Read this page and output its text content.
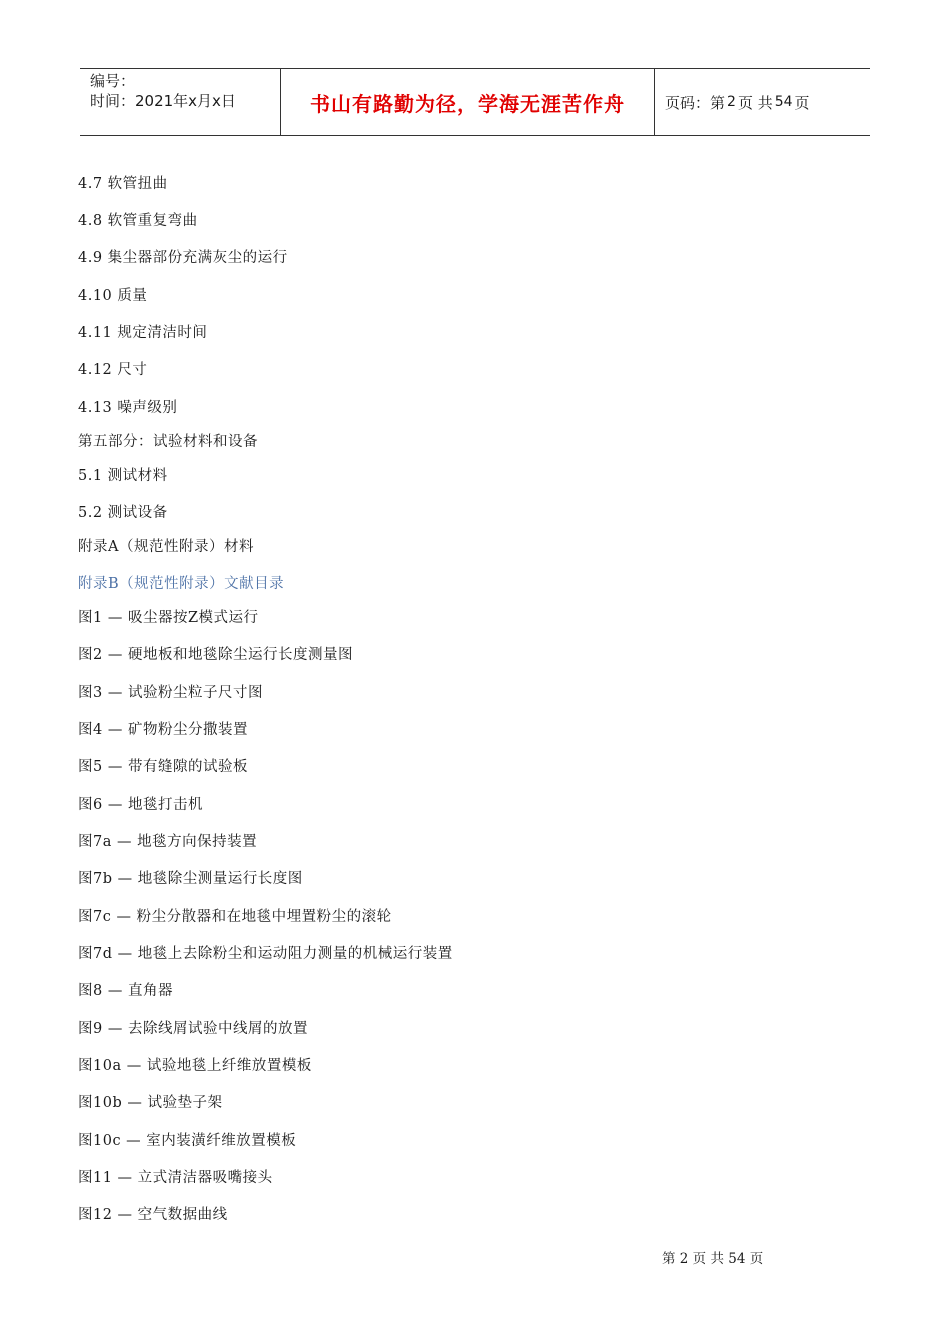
编号：
时间：2021年x月x日	书山有路勤为径，学海无涯苦作舟	页码：第 2 页 共 54 页
4.7 软管扭曲
4.8 软管重复弯曲
4.9 集尘器部份充满灰尘的运行
4.10 质量
4.11 规定清洁时间
4.12 尺寸
4.13 噪声级别
第五部分：试验材料和设备
5.1 测试材料
5.2 测试设备
附录A（规范性附录）材料
附录B（规范性附录）文献目录
图1 — 吸尘器按Z模式运行
图2 — 硬地板和地毯除尘运行长度测量图
图3 — 试验粉尘粒子尺寸图
图4 — 矿物粉尘分撒装置
图5 — 带有缝隙的试验板
图6 — 地毯打击机
图7a — 地毯方向保持装置
图7b — 地毯除尘测量运行长度图
图7c — 粉尘分散器和在地毯中埋置粉尘的滚轮
图7d — 地毯上去除粉尘和运动阻力测量的机械运行装置
图8 — 直角器
图9 — 去除线屑试验中线屑的放置
图10a — 试验地毯上纤维放置模板
图10b — 试验垫子架
图10c — 室内装潢纤维放置模板
图11 — 立式清洁器吸嘴接头
图12 — 空气数据曲线
第 2 页 共 54 页
